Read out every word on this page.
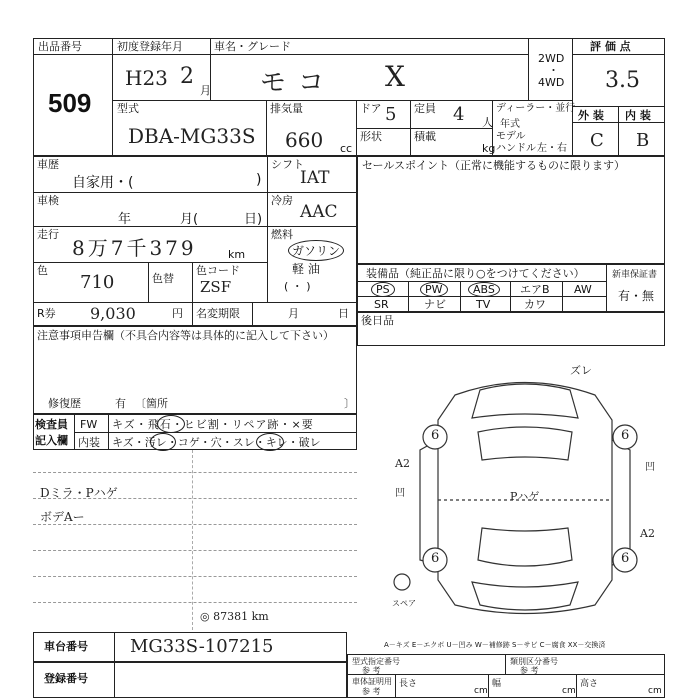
出品番号
509
初度登録年月
H23 2
月
車名・グレード
モコ X
2WD
・
4WD
評 価 点
3.5
外 装 内 装
C B
型式
DBA-MG33S
排気量
660 cc
ドア 5 定員 4 人
形状	積載
kg
ディーラー・並行
年式
モデル
ハンドル 左・右
車歴
自家用・(	)
車検
年	月(	日)
走行
8万7千379	km
色
710	色替
色コード
ZSF
シフト
IAT
冷房
AAC
燃料
ガソリン
軽 油
( ・ )
R券 9,030	円 名変期限	月	日
注意事項申告欄（不具合内容等は具体的に記入して下さい）
修復歴	有 〔箇所	〕
検査員
記入欄
FW
内装
キズ・飛石・ヒビ割・リペア跡・×要
キズ・汚レ・コゲ・穴・スレ・キレ・破レ
Dミラ・Pハゲ
ボデAー
セールスポイント（正常に機能するものに限ります）
装備品（純正品に限り○をつけてください）	新車保証書
有・無
PS	PW	ABS	エアB AW
SR	ナビ	TV	カワ
後日品
6	6
6	6
ズレ
A2
A2
凹
凹
Pハゲ
スペア
◎ 87381 km
A－キズ E－エクボ U－凹み W－補修跡 S－サビ C－腐食 XX－交換済
車台番号 MG33S-107215
登録番号
型式指定番号
参 考
類別区分番号
参 考
車体証明用
参 考
長さ
cm
幅
cm
高さ
cm
